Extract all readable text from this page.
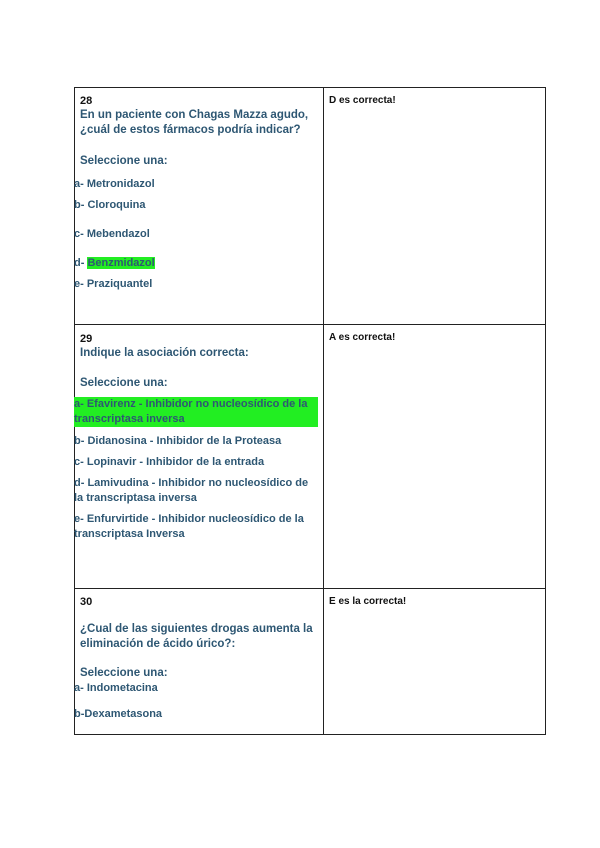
28
En un paciente con Chagas Mazza agudo, ¿cuál de estos fármacos podría indicar?
Seleccione una:
a- Metronidazol
b- Cloroquina
c- Mebendazol
d- Benzmidazol
e- Praziquantel
D es correcta!
29
Indique la asociación correcta:
Seleccione una:
a- Efavirenz - Inhibidor no nucleosídico de la transcriptasa inversa
b- Didanosina - Inhibidor de la Proteasa
c- Lopinavir - Inhibidor de la entrada
d- Lamivudina - Inhibidor no nucleosídico de la transcriptasa inversa
e- Enfurvirtide - Inhibidor nucleosídico de la transcriptasa Inversa
A es correcta!
30
¿Cual de las siguientes drogas aumenta la eliminación de ácido úrico?:
Seleccione una:
a- Indometacina
b-Dexametasona
E es la correcta!
